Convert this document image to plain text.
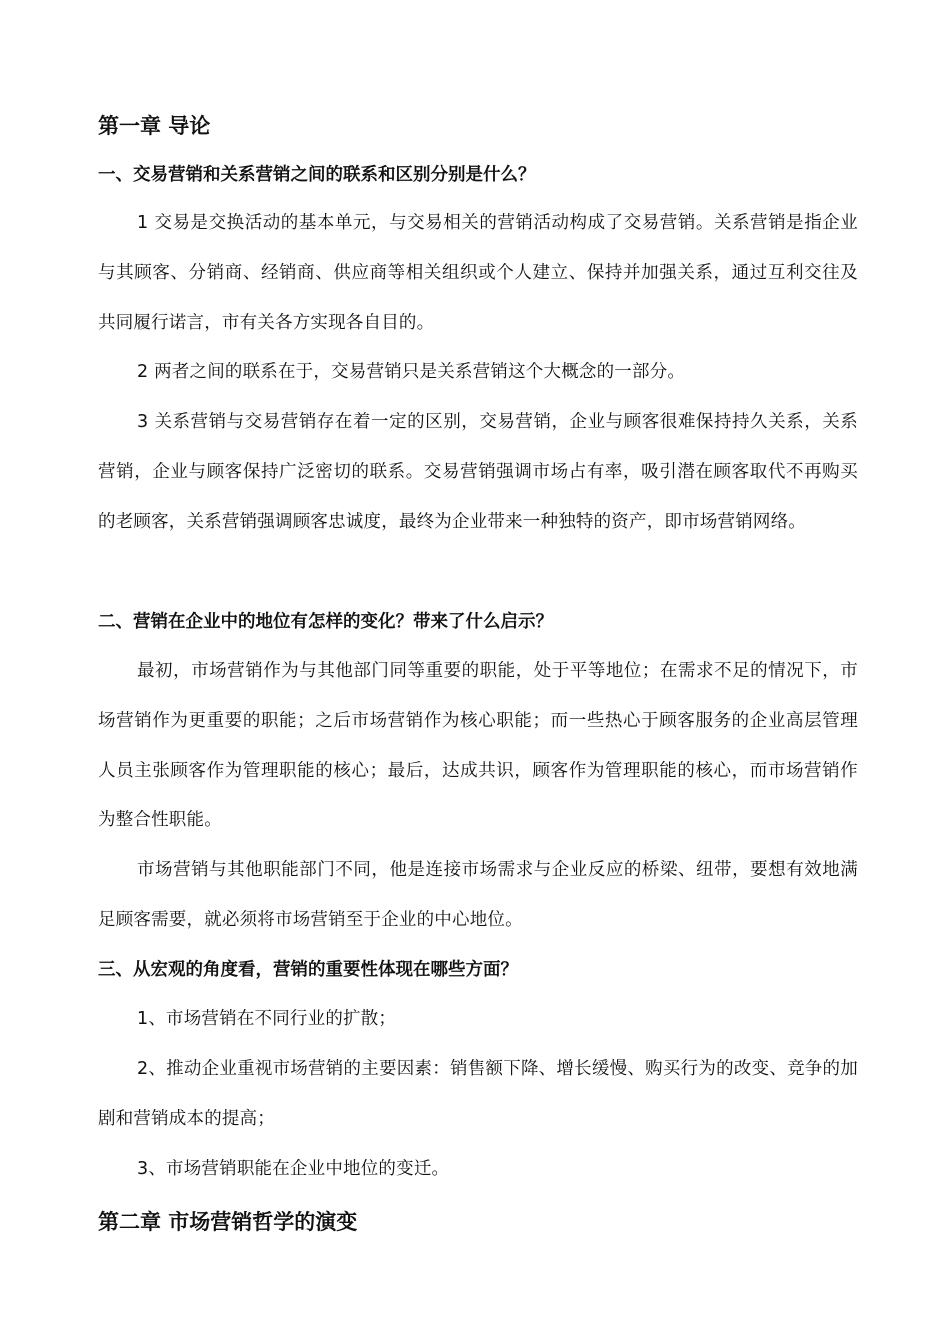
第一章 导论
一、交易营销和关系营销之间的联系和区别分别是什么？

1 交易是交换活动的基本单元，与交易相关的营销活动构成了交易营销。关系营销是指企业与其顾客、分销商、经销商、供应商等相关组织或个人建立、保持并加强关系，通过互利交往及共同履行诺言，市有关各方实现各自目的。

2 两者之间的联系在于，交易营销只是关系营销这个大概念的一部分。

3 关系营销与交易营销存在着一定的区别，交易营销，企业与顾客很难保持持久关系，关系营销，企业与顾客保持广泛密切的联系。交易营销强调市场占有率，吸引潜在顾客取代不再购买的老顾客，关系营销强调顾客忠诚度，最终为企业带来一种独特的资产，即市场营销网络。

二、营销在企业中的地位有怎样的变化？带来了什么启示？

最初，市场营销作为与其他部门同等重要的职能，处于平等地位；在需求不足的情况下，市场营销作为更重要的职能；之后市场营销作为核心职能；而一些热心于顾客服务的企业高层管理人员主张顾客作为管理职能的核心；最后，达成共识，顾客作为管理职能的核心，而市场营销作为整合性职能。

市场营销与其他职能部门不同，他是连接市场需求与企业反应的桥梁、纽带，要想有效地满足顾客需要，就必须将市场营销至于企业的中心地位。

三、从宏观的角度看，营销的重要性体现在哪些方面？

1、市场营销在不同行业的扩散；

2、推动企业重视市场营销的主要因素：销售额下降、增长缓慢、购买行为的改变、竞争的加剧和营销成本的提高；

3、市场营销职能在企业中地位的变迁。

第二章 市场营销哲学的演变
